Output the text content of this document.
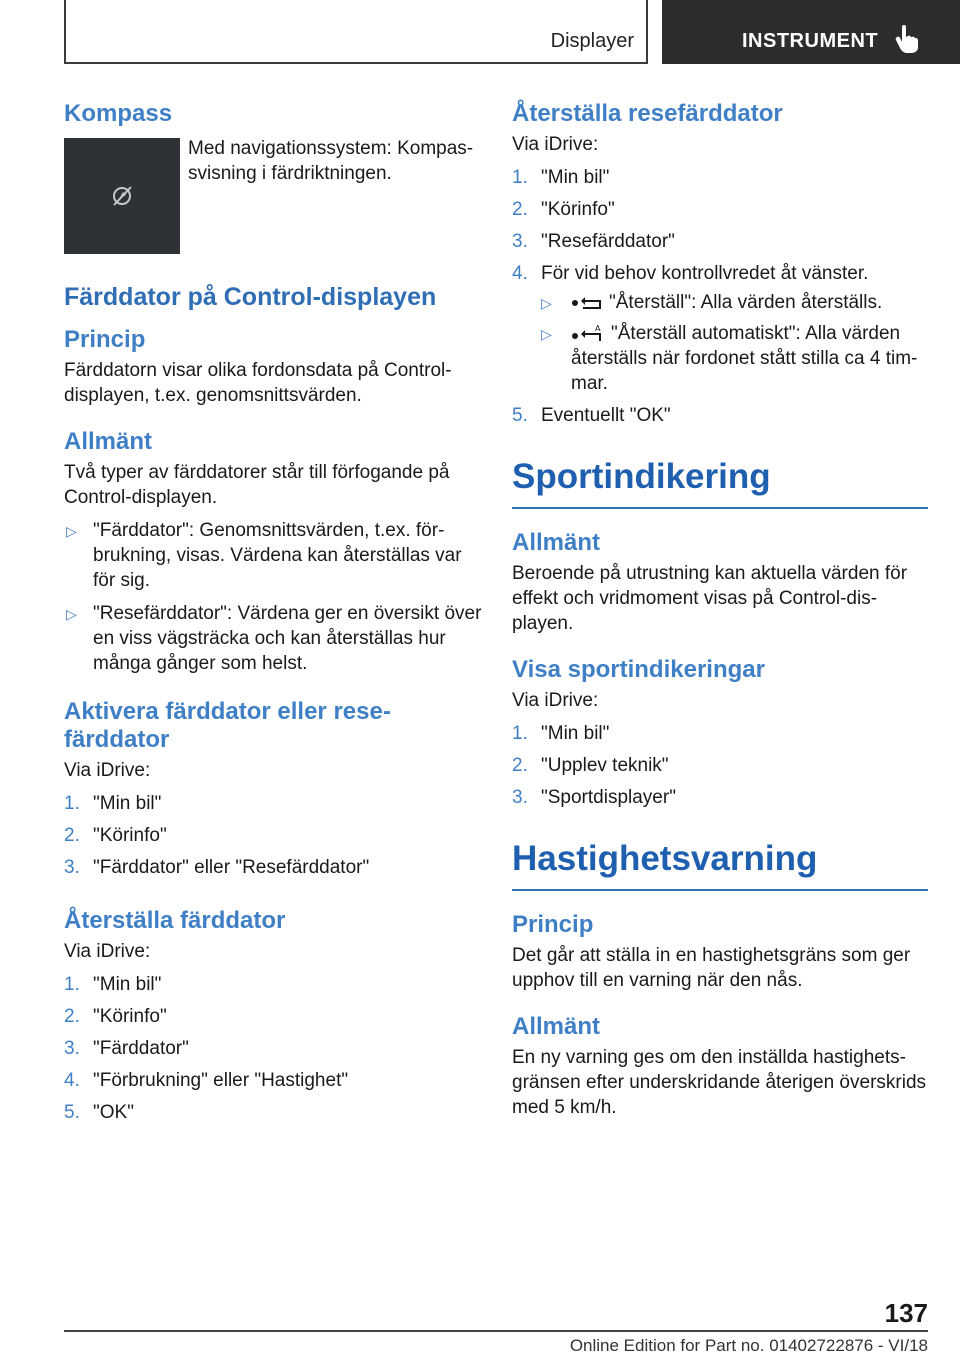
Displayer	INSTRUMENT
Kompass

Med navigationssystem: Kompas-svisning i färdriktningen.

Färddator på Control-displayen
Princip

Färddatorn visar olika fordonsdata på Control-displayen, t.ex. genomsnittsvärden.

Allmänt

Två typer av färddatorer står till förfogande på Control-displayen.

▷ "Färddator": Genomsnittsvärden, t.ex. för-brukning, visas. Värdena kan återställas var för sig.
▷ "Resefärddator": Värdena ger en översikt över en viss vägsträcka och kan återställas hur många gånger som helst.
Aktivera färddator eller rese-färddator

Via iDrive:

1. "Min bil"
2. "Körinfo"
3. "Färddator" eller "Resefärddator"
Återställa färddator

Via iDrive:

1. "Min bil"
2. "Körinfo"
3. "Färddator"
4. "Förbrukning" eller "Hastighet"
5. "OK"
Återställa resefärddator

Via iDrive:

1. "Min bil"
2. "Körinfo"
3. "Resefärddator"
4. För vid behov kontrollvredet åt vänster.
▷	"Återställ": Alla värden återställs.
▷	A "Återställ automatiskt": Alla värden återställs när fordonet stått stilla ca 4 tim-mar.
5. Eventuellt "OK"
Sportindikering
Allmänt

Beroende på utrustning kan aktuella värden för effekt och vridmoment visas på Control-dis-playen.

Visa sportindikeringar

Via iDrive:

1. "Min bil"
2. "Upplev teknik"
3. "Sportdisplayer"
Hastighetsvarning
Princip

Det går att ställa in en hastighetsgräns som ger upphov till en varning när den nås.

Allmänt

En ny varning ges om den inställda hastighets-gränsen efter underskridande återigen överskrids med 5 km/h.

137
Online Edition for Part no. 01402722876 - VI/18
